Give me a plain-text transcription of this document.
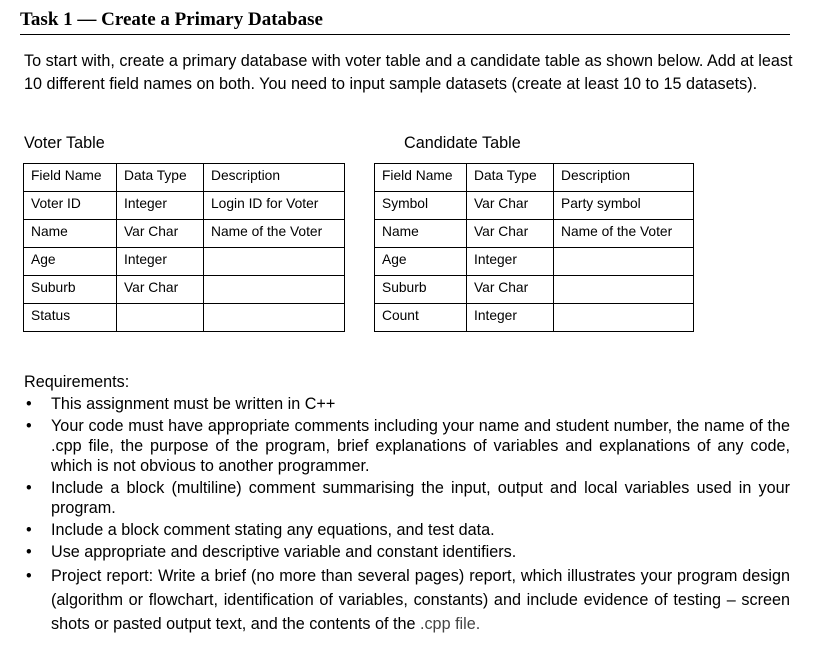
Task 1 — Create a Primary Database
To start with, create a primary database with voter table and a candidate table as shown below. Add at least 10 different field names on both. You need to input sample datasets (create at least 10 to 15 datasets).
Voter Table	Candidate Table
Field Name	Data Type	Description
Voter ID	Integer	Login ID for Voter
Name	Var Char	Name of the Voter
Age	Integer	
Suburb	Var Char	
Status		
Field Name	Data Type	Description
Symbol	Var Char	Party symbol
Name	Var Char	Name of the Voter
Age	Integer	
Suburb	Var Char	
Count	Integer	
Requirements:
• This assignment must be written in C++
• Your code must have appropriate comments including your name and student number, the name of the .cpp file, the purpose of the program, brief explanations of variables and explanations of any code, which is not obvious to another programmer.
• Include a block (multiline) comment summarising the input, output and local variables used in your program.
• Include a block comment stating any equations, and test data.
• Use appropriate and descriptive variable and constant identifiers.
• Project report: Write a brief (no more than several pages) report, which illustrates your program design (algorithm or flowchart, identification of variables, constants) and include evidence of testing – screen shots or pasted output text, and the contents of the .cpp file.
